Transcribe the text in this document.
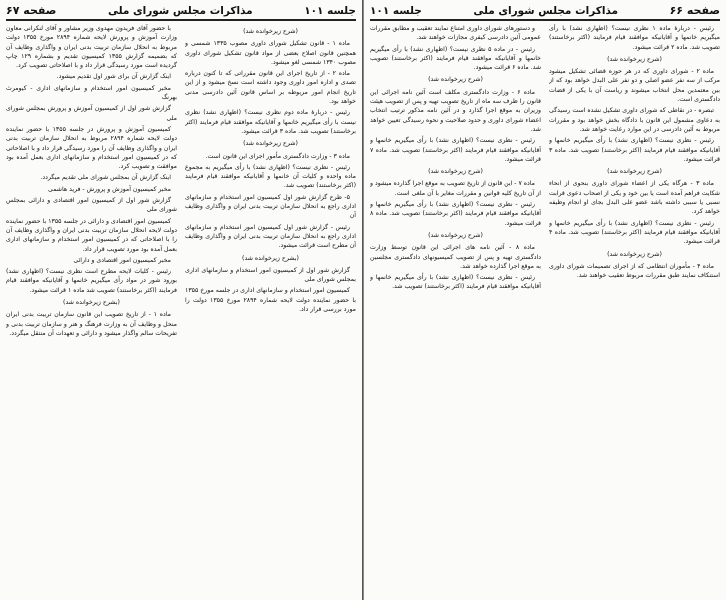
جلسه ۱۰۱
مذاکرات مجلس شورای ملی
صفحه ۶۷

(شرح زیرخوانده شد)

ماده ۱ - قانون تشکیل شورای داوری مصوب ۱۳۳۵ شمسی و همچنین قانون اصلاح بعضی از مواد قانون تشکیل شورای داوری مصوب ۱۳۴۰ شمسی لغو میشود.

ماده ۲ - از تاریخ اجرای این قانون مقرراتی که تا کنون درباره تصدی و اداره امور داوری وجود داشته است نسخ میشود و از این تاریخ انجام امور مربوطه بر اساس قانون آئین دادرسی مدنی خواهد بود.

رئیس - دربارهٔ ماده دوم نظری نیست؟ (اظهاری نشد) نظری نیست با رأی میگیریم خانمها و آقایانیکه موافقند قیام فرمایند (اکثر برخاستند) تصویب شد. ماده ۳ قرائت میشود.

(شرح زیرخوانده شد)

ماده ۳ - وزارت دادگستری مأمور اجرای این قانون است.

رئیس - نظری نیست؟ (اظهاری نشد) با رأی میگیریم به مجموع ماده واحده و کلیات آن خانمها و آقایانیکه موافقند قیام فرمایند (اکثر برخاستند) تصویب شد.

۵- طرح گزارش شور اول کمیسیون امور استخدام و سازمانهای اداری راجع به انحلال سازمان تربیت بدنی ایران و واگذاری وظایف آن

رئیس - گزارش شور اول کمیسیون امور استخدام و سازمانهای اداری راجع به انحلال سازمان تربیت بدنی ایران و واگذاری وظایف آن مطرح است قرائت میشود.

(بشرح زیرخوانده شد)

گزارش شور اول از کمیسیون امور استخدام و سازمانهای اداری بمجلس شورای ملی

کمیسیون امور استخدام و سازمانهای اداری در جلسه مورخ ۱۳۵۵ با حضور نماینده دولت لایحه شماره ۲۸۹۴ مورخ ۱۳۵۵ دولت را مورد بررسی قرار داد.

با حضور آقای فریدون مهدوی وزیر مشاور و آقای لنکرانی معاون وزارت آموزش و پرورش لایحه شماره ۲۸۹۴ مورخ ۱۳۵۵ دولت مربوط به انحلال سازمان تربیت بدنی ایران و واگذاری وظایف آن که بضمیمه گزارش ۱۳۵۵ کمیسیون تقدیم و بشماره ۱۲۹ چاپ گردیده است مورد رسیدگی قرار داد و با اصلاحاتی تصویب کرد.

اینک گزارش آن برای شور اول تقدیم میشود.

مخبر کمیسیون امور استخدام و سازمانهای اداری - کیومرث بهرنگ

گزارش شور اول از کمیسیون آموزش و پرورش بمجلس شورای ملی

کمیسیون آموزش و پرورش در جلسه ۱۳۵۵ با حضور نماینده دولت لایحه شماره ۲۸۹۴ مربوط به انحلال سازمان تربیت بدنی ایران و واگذاری وظایف آن را مورد رسیدگی قرار داد و با اصلاحاتی که در کمیسیون امور استخدام و سازمانهای اداری بعمل آمده بود موافقت و تصویب کرد.

اینک گزارش آن بمجلس شورای ملی تقدیم میگردد.

مخبر کمیسیون آموزش و پرورش - فرید هاشمی

گزارش شور اول از کمیسیون امور اقتصادی و دارائی بمجلس شورای ملی

کمیسیون امور اقتصادی و دارائی در جلسه ۱۳۵۵ با حضور نماینده دولت لایحه انحلال سازمان تربیت بدنی ایران و واگذاری وظایف آن را با اصلاحاتی که در کمیسیون امور استخدام و سازمانهای اداری بعمل آمده بود مورد تصویب قرار داد.

مخبر کمیسیون امور اقتصادی و دارائی

رئیس - کلیات لایحه مطرح است نظری نیست؟ (اظهاری نشد) بورود شور در مواد رأی میگیریم خانمها و آقایانیکه موافقند قیام فرمایند (اکثر برخاستند) تصویب شد ماده ۱ قرائت میشود.

(بشرح زیرخوانده شد)

ماده ۱ - از تاریخ تصویب این قانون سازمان تربیت بدنی ایران منحل و وظایف آن به وزارت فرهنگ و هنر و سازمان تربیت بدنی و تفریحات سالم واگذار میشود و دارائی و تعهدات آن منتقل میگردد.

صفحه ۶۶
مذاکرات مجلس شورای ملی
جلسه ۱۰۱

رئیس - دربارهٔ ماده ۱ نظری نیست؟ (اظهاری نشد) با رأی میگیریم خانمها و آقایانیکه موافقند قیام فرمایند (اکثر برخاستند) تصویب شد. ماده ۲ قرائت میشود.

(شرح زیرخوانده شد)

ماده ۲ - شورای داوری که در هر حوزه قضائی تشکیل میشود مرکب از سه نفر عضو اصلی و دو نفر علی البدل خواهد بود که از بین معتمدین محل انتخاب میشوند و ریاست آن با یکی از قضات دادگستری است.

تبصره - در نقاطی که شورای داوری تشکیل نشده است رسیدگی به دعاوی مشمول این قانون با دادگاه بخش خواهد بود و مقررات مربوط به آئین دادرسی در این موارد رعایت خواهد شد.

رئیس - نظری نیست؟ (اظهاری نشد) با رأی میگیریم خانمها و آقایانیکه موافقند قیام فرمایند (اکثر برخاستند) تصویب شد. ماده ۳ قرائت میشود.

(شرح زیرخوانده شد)

ماده ۳ - هرگاه یکی از اعضاء شورای داوری بنحوی از انحاء شکایت فراهم آمده است یا بین خود و یکی از اصحاب دعوی قرابت نسبی یا سببی داشته باشد عضو علی البدل بجای او انجام وظیفه خواهد کرد.

رئیس - نظری نیست؟ (اظهاری نشد) با رأی میگیریم خانمها و آقایانیکه موافقند قیام فرمایند (اکثر برخاستند) تصویب شد. ماده ۴ قرائت میشود.

(شرح زیرخوانده شد)

ماده ۴ - مأموران انتظامی که از اجرای تصمیمات شورای داوری استنکاف نمایند طبق مقررات مربوط تعقیب خواهند شد.

و دستورهای شورای داوری امتناع نمایند تعقیب و مطابق مقررات عمومی آئین دادرسی کیفری مجازات خواهند شد.

رئیس - در ماده ۵ نظری نیست؟ (اظهاری نشد) با رأی میگیریم خانمها و آقایانیکه موافقند قیام فرمایند (اکثر برخاستند) تصویب شد. ماده ۶ قرائت میشود.

(شرح زیرخوانده شد)

ماده ۶ - وزارت دادگستری مکلف است آئین نامه اجرائی این قانون را ظرف سه ماه از تاریخ تصویب تهیه و پس از تصویب هیئت وزیران به موقع اجرا گذارد و در آئین نامه مذکور ترتیب انتخاب اعضاء شورای داوری و حدود صلاحیت و نحوه رسیدگی تعیین خواهد شد.

رئیس - نظری نیست؟ (اظهاری نشد) با رأی میگیریم خانمها و آقایانیکه موافقند قیام فرمایند (اکثر برخاستند) تصویب شد. ماده ۷ قرائت میشود.

(شرح زیرخوانده شد)

ماده ۷ - این قانون از تاریخ تصویب به موقع اجرا گذارده میشود و از آن تاریخ کلیه قوانین و مقررات مغایر با آن ملغی است.

رئیس - نظری نیست؟ (اظهاری نشد) با رأی میگیریم خانمها و آقایانیکه موافقند قیام فرمایند (اکثر برخاستند) تصویب شد. ماده ۸ قرائت میشود.

(شرح زیرخوانده شد)

ماده ۸ - آئین نامه های اجرائی این قانون توسط وزارت دادگستری تهیه و پس از تصویب کمیسیونهای دادگستری مجلسین به موقع اجرا گذارده خواهد شد.

رئیس - نظری نیست؟ (اظهاری نشد) با رأی میگیریم خانمها و آقایانیکه موافقند قیام فرمایند (اکثر برخاستند) تصویب شد.
